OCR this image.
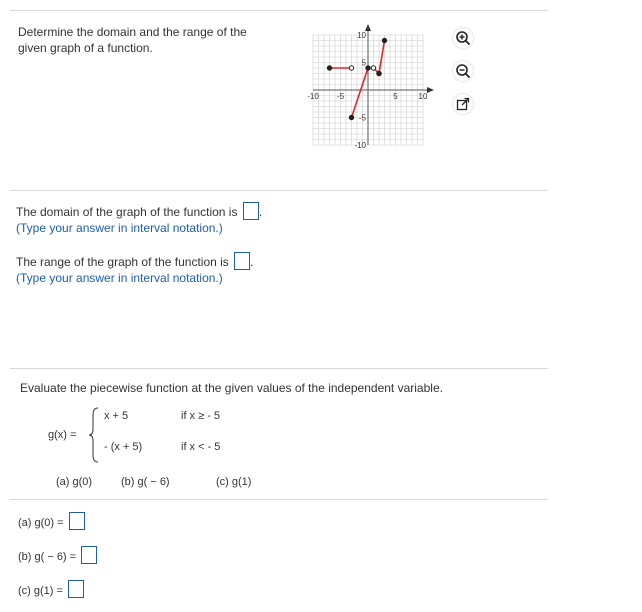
Determine the domain and the range of the
given graph of a function.
-10 -5	5	10
10
5
-5
-10
The domain of the graph of the function is .
(Type your answer in interval notation.)
The range of the graph of the function is .
(Type your answer in interval notation.)
Evaluate the piecewise function at the given values of the independent variable.
g(x) =
x + 5	if x ≥ - 5
- (x + 5)	if x < - 5
(a) g(0)	(b) g( − 6)	(c) g(1)
(a) g(0) =
(b) g( − 6) =
(c) g(1) =
